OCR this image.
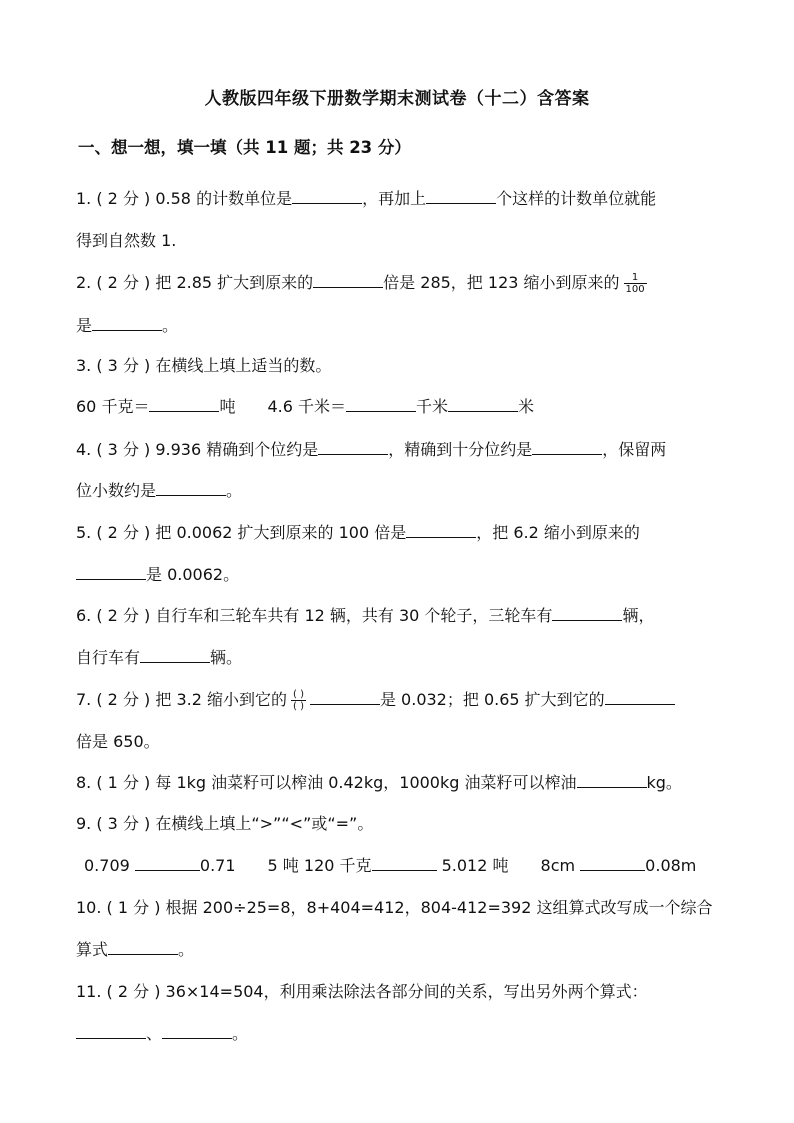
人教版四年级下册数学期末测试卷（十二）含答案
一、想一想，填一填（共 11 题；共 23 分）
1. ( 2 分 ) 0.58 的计数单位是	，再加上	个这样的计数单位就能
得到自然数 1.
2. ( 2 分 ) 把 2.85 扩大到原来的	倍是 285，把 123 缩小到原来的 $\frac{1}{100}$
是	。
3. ( 3 分 ) 在横线上填上适当的数。
60 千克＝	吨 4.6 千米＝	千米	米
4. ( 3 分 ) 9.936 精确到个位约是	，精确到十分位约是	，保留两
位小数约是	。
5. ( 2 分 ) 把 0.0062 扩大到原来的 100 倍是	，把 6.2 缩小到原来的
是 0.0062。
6. ( 2 分 ) 自行车和三轮车共有 12 辆，共有 30 个轮子，三轮车有	辆，
自行车有	辆。
7. ( 2 分 ) 把 3.2 缩小到它的 $\frac{( )}{( )}$	是 0.032；把 0.65 扩大到它的
倍是 650。
8. ( 1 分 ) 每 1kg 油菜籽可以榨油 0.42kg，1000kg 油菜籽可以榨油	kg。
9. ( 3 分 ) 在横线上填上“>”“<”或“=”。
0.709	0.71 5 吨 120 千克	5.012 吨 8cm	0.08m
10. ( 1 分 ) 根据 200÷25=8，8+404=412，804-412=392 这组算式改写成一个综合
算式	。
11. ( 2 分 ) 36×14=504，利用乘法除法各部分间的关系，写出另外两个算式：
、	。
